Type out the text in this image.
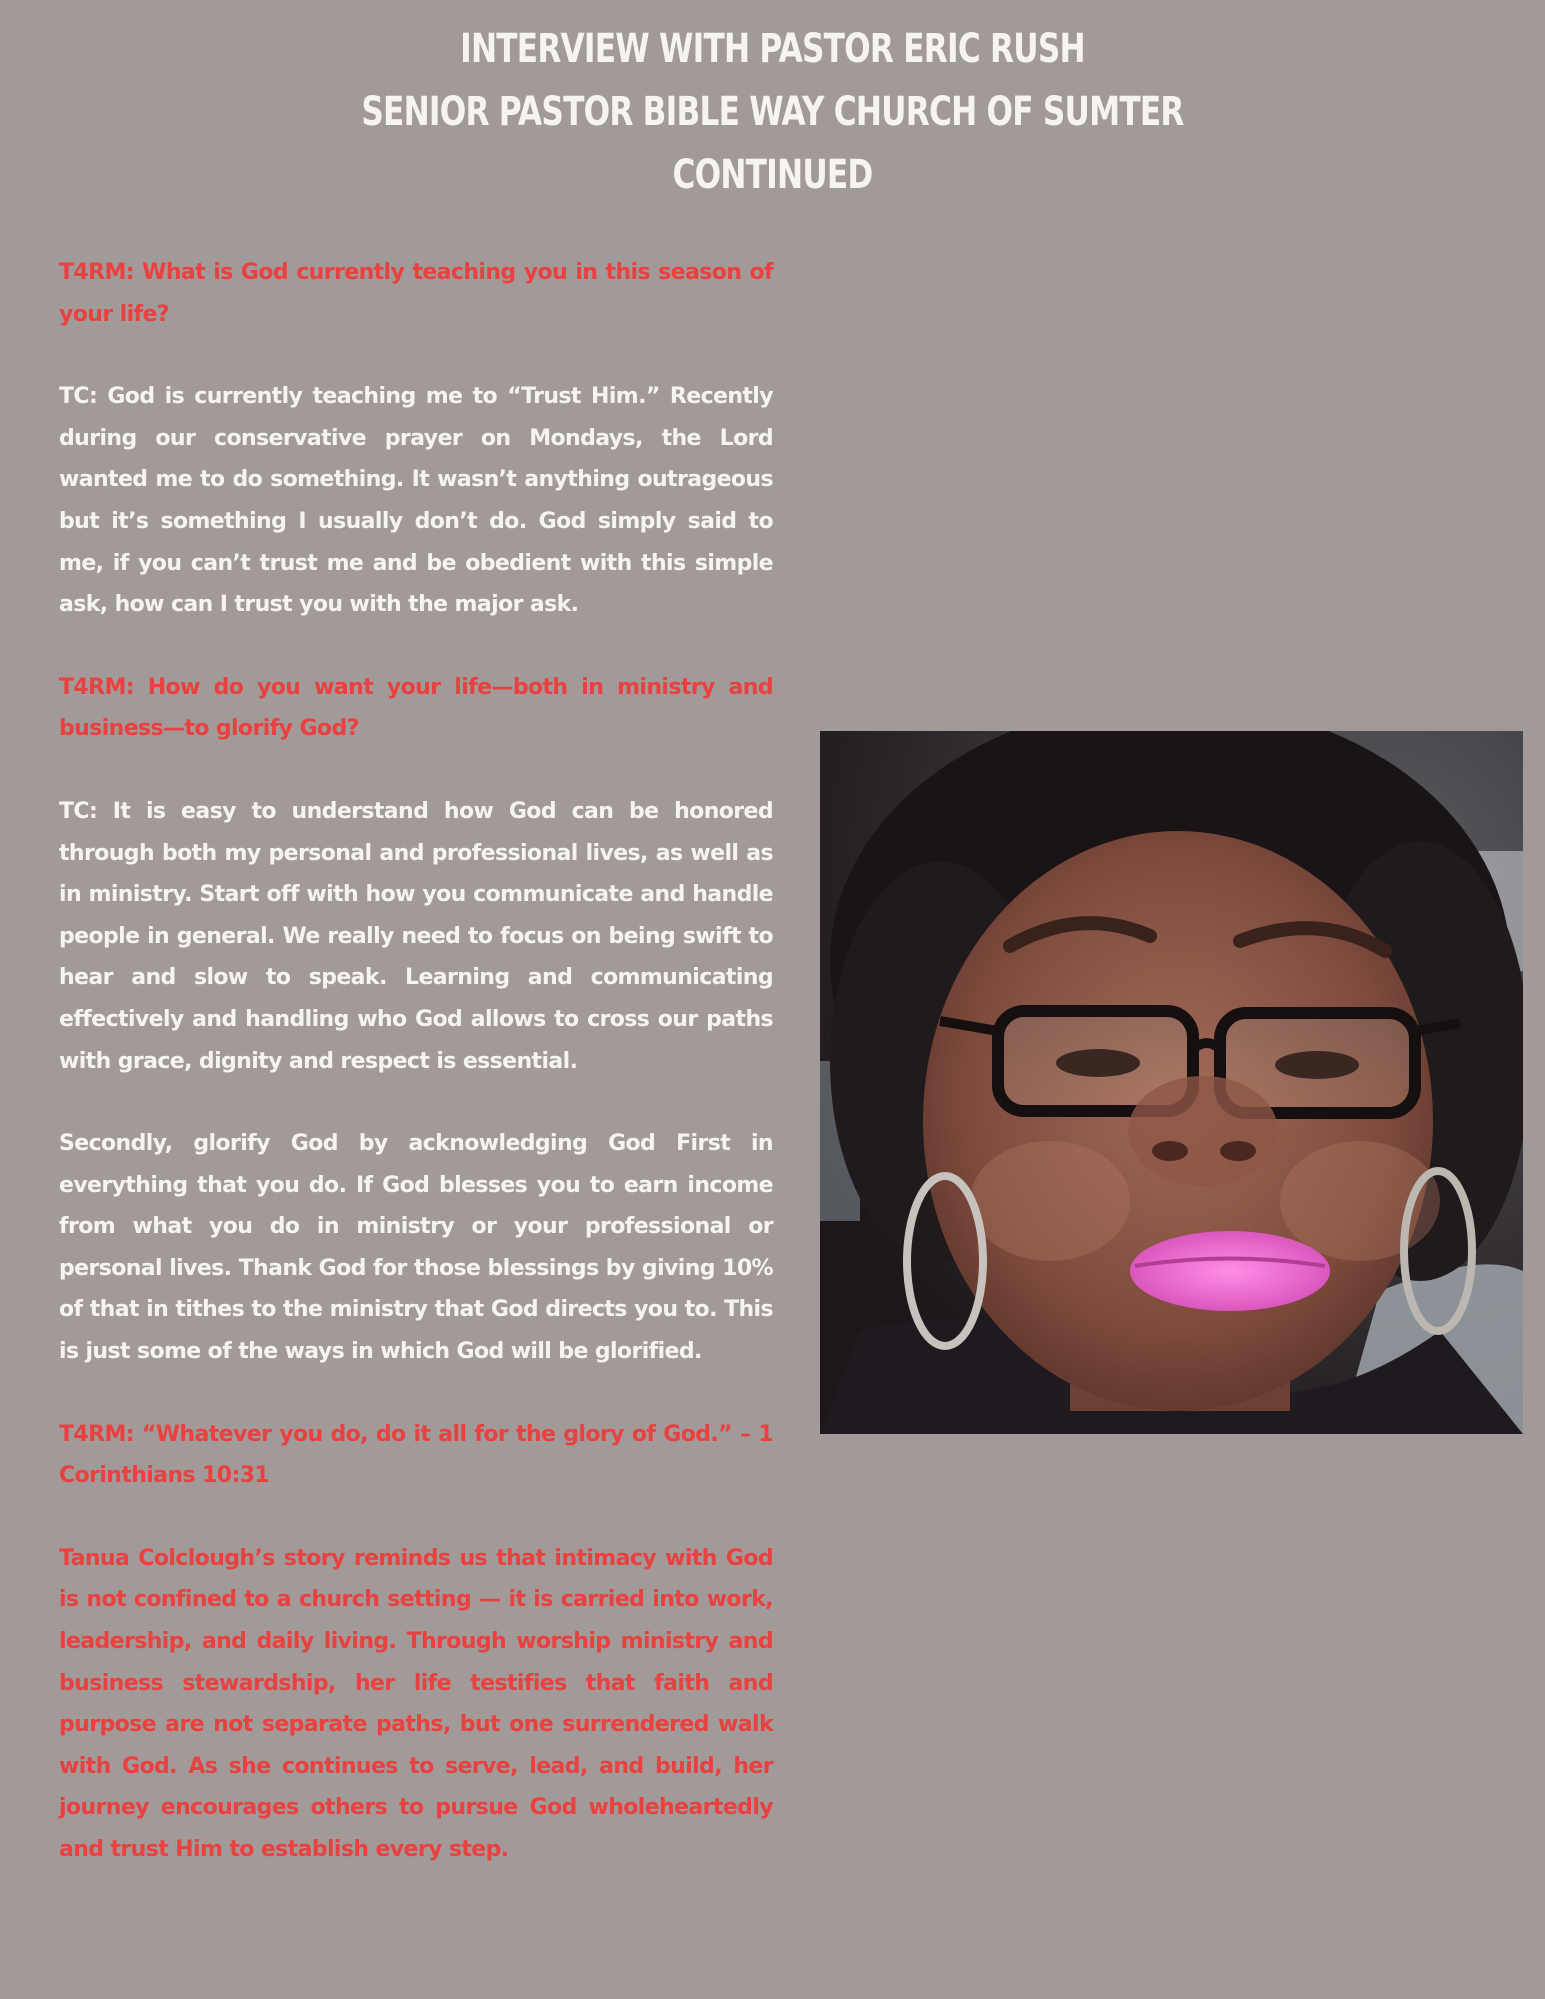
INTERVIEW WITH PASTOR ERIC RUSH
SENIOR PASTOR BIBLE WAY CHURCH OF SUMTER
CONTINUED

T4RM: What is God currently teaching you in this season of your life?

TC: God is currently teaching me to “Trust Him.” Recently during our conservative prayer on Mondays, the Lord wanted me to do something. It wasn’t anything outrageous but it’s something I usually don’t do. God simply said to me, if you can’t trust me and be obedient with this simple ask, how can I trust you with the major ask.

T4RM: How do you want your life—both in ministry and business—to glorify God?

TC: It is easy to understand how God can be honored through both my personal and professional lives, as well as in ministry. Start off with how you communicate and handle people in general. We really need to focus on being swift to hear and slow to speak. Learning and communicating effectively and handling who God allows to cross our paths with grace, dignity and respect is essential.

Secondly, glorify God by acknowledging God First in everything that you do. If God blesses you to earn income from what you do in ministry or your professional or personal lives. Thank God for those blessings by giving 10% of that in tithes to the ministry that God directs you to. This is just some of the ways in which God will be glorified.

T4RM: “Whatever you do, do it all for the glory of God.” – 1 Corinthians 10:31

Tanua Colclough’s story reminds us that intimacy with God is not confined to a church setting — it is carried into work, leadership, and daily living. Through worship ministry and business stewardship, her life testifies that faith and purpose are not separate paths, but one surrendered walk with God. As she continues to serve, lead, and build, her journey encourages others to pursue God wholeheartedly and trust Him to establish every step.
